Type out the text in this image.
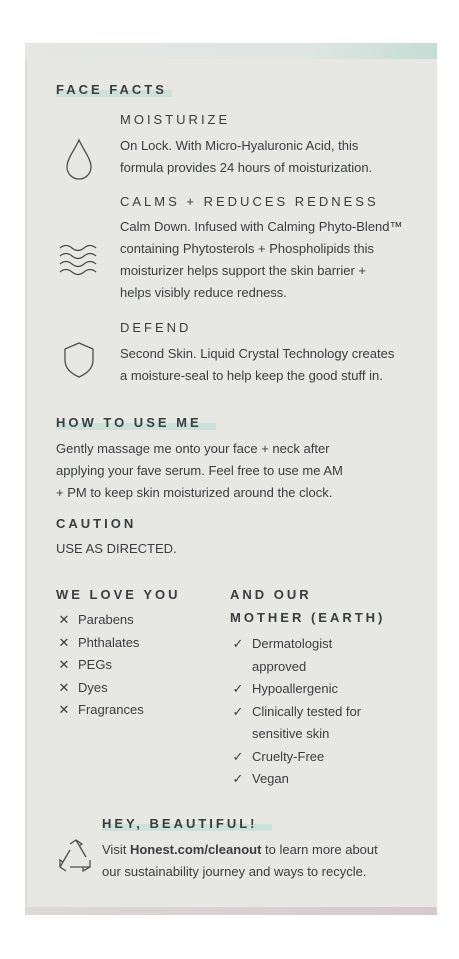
FACE FACTS
MOISTURIZE
On Lock. With Micro-Hyaluronic Acid, this
formula provides 24 hours of moisturization.
CALMS + REDUCES REDNESS
Calm Down. Infused with Calming Phyto-Blend™
containing Phytosterols + Phospholipids this
moisturizer helps support the skin barrier +
helps visibly reduce redness.
DEFEND
Second Skin. Liquid Crystal Technology creates
a moisture-seal to help keep the good stuff in.
HOW TO USE ME
Gently massage me onto your face + neck after
applying your fave serum. Feel free to use me AM
+ PM to keep skin moisturized around the clock.
CAUTION
USE AS DIRECTED.
WE LOVE YOU
✕ Parabens
✕ Phthalates
✕ PEGs
✕ Dyes
✕ Fragrances
AND OUR
MOTHER (EARTH)
✓ Dermatologist
approved
✓ Hypoallergenic
✓ Clinically tested for
sensitive skin
✓ Cruelty-Free
✓ Vegan
HEY, BEAUTIFUL!
Visit Honest.com/cleanout to learn more about
our sustainability journey and ways to recycle.
